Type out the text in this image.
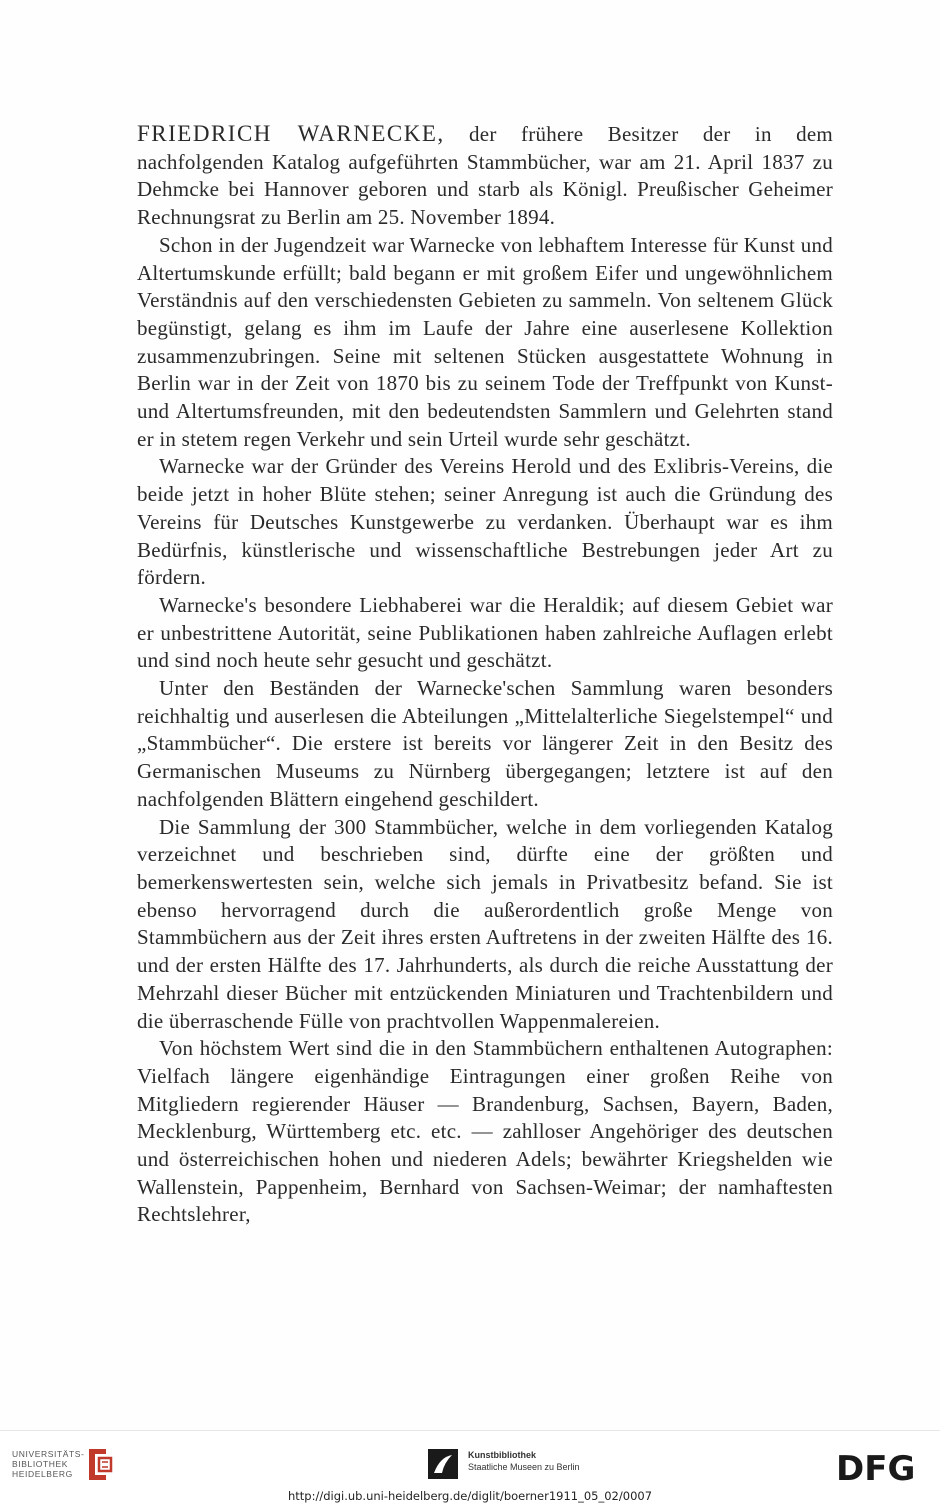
FRIEDRICH WARNECKE, der frühere Besitzer der in dem nachfolgenden Katalog aufgeführten Stammbücher, war am 21. April 1837 zu Dehmcke bei Hannover geboren und starb als Königl. Preußischer Geheimer Rechnungsrat zu Berlin am 25. November 1894.

Schon in der Jugendzeit war Warnecke von lebhaftem Interesse für Kunst und Altertumskunde erfüllt; bald begann er mit großem Eifer und ungewöhnlichem Verständnis auf den verschiedensten Gebieten zu sammeln. Von seltenem Glück begünstigt, gelang es ihm im Laufe der Jahre eine auserlesene Kollektion zusammenzubringen. Seine mit seltenen Stücken ausgestattete Wohnung in Berlin war in der Zeit von 1870 bis zu seinem Tode der Treffpunkt von Kunst- und Altertumsfreunden, mit den bedeutendsten Sammlern und Gelehrten stand er in stetem regen Verkehr und sein Urteil wurde sehr geschätzt.

Warnecke war der Gründer des Vereins Herold und des Exlibris-Vereins, die beide jetzt in hoher Blüte stehen; seiner Anregung ist auch die Gründung des Vereins für Deutsches Kunstgewerbe zu verdanken. Überhaupt war es ihm Bedürfnis, künstlerische und wissenschaftliche Bestrebungen jeder Art zu fördern.

Warnecke's besondere Liebhaberei war die Heraldik; auf diesem Gebiet war er unbestrittene Autorität, seine Publikationen haben zahlreiche Auflagen erlebt und sind noch heute sehr gesucht und geschätzt.

Unter den Beständen der Warnecke'schen Sammlung waren besonders reichhaltig und auserlesen die Abteilungen „Mittelalterliche Siegelstempel“ und „Stammbücher“. Die erstere ist bereits vor längerer Zeit in den Besitz des Germanischen Museums zu Nürnberg übergegangen; letztere ist auf den nachfolgenden Blättern eingehend geschildert.

Die Sammlung der 300 Stammbücher, welche in dem vorliegenden Katalog verzeichnet und beschrieben sind, dürfte eine der größten und bemerkenswertesten sein, welche sich jemals in Privatbesitz befand. Sie ist ebenso hervorragend durch die außerordentlich große Menge von Stammbüchern aus der Zeit ihres ersten Auftretens in der zweiten Hälfte des 16. und der ersten Hälfte des 17. Jahrhunderts, als durch die reiche Ausstattung der Mehrzahl dieser Bücher mit entzückenden Miniaturen und Trachtenbildern und die überraschende Fülle von prachtvollen Wappenmalereien.

Von höchstem Wert sind die in den Stammbüchern enthaltenen Autographen: Vielfach längere eigenhändige Eintragungen einer großen Reihe von Mitgliedern regierender Häuser — Brandenburg, Sachsen, Bayern, Baden, Mecklenburg, Württemberg etc. etc. — zahlloser Angehöriger des deutschen und österreichischen hohen und niederen Adels; bewährter Kriegshelden wie Wallenstein, Pappenheim, Bernhard von Sachsen-Weimar; der namhaftesten Rechtslehrer,

UNIVERSITÄTS-
BIBLIOTHEK
HEIDELBERG
Kunstbibliothek
Staatliche Museen zu Berlin	DFG
http://digi.ub.uni-heidelberg.de/diglit/boerner1911_05_02/0007
